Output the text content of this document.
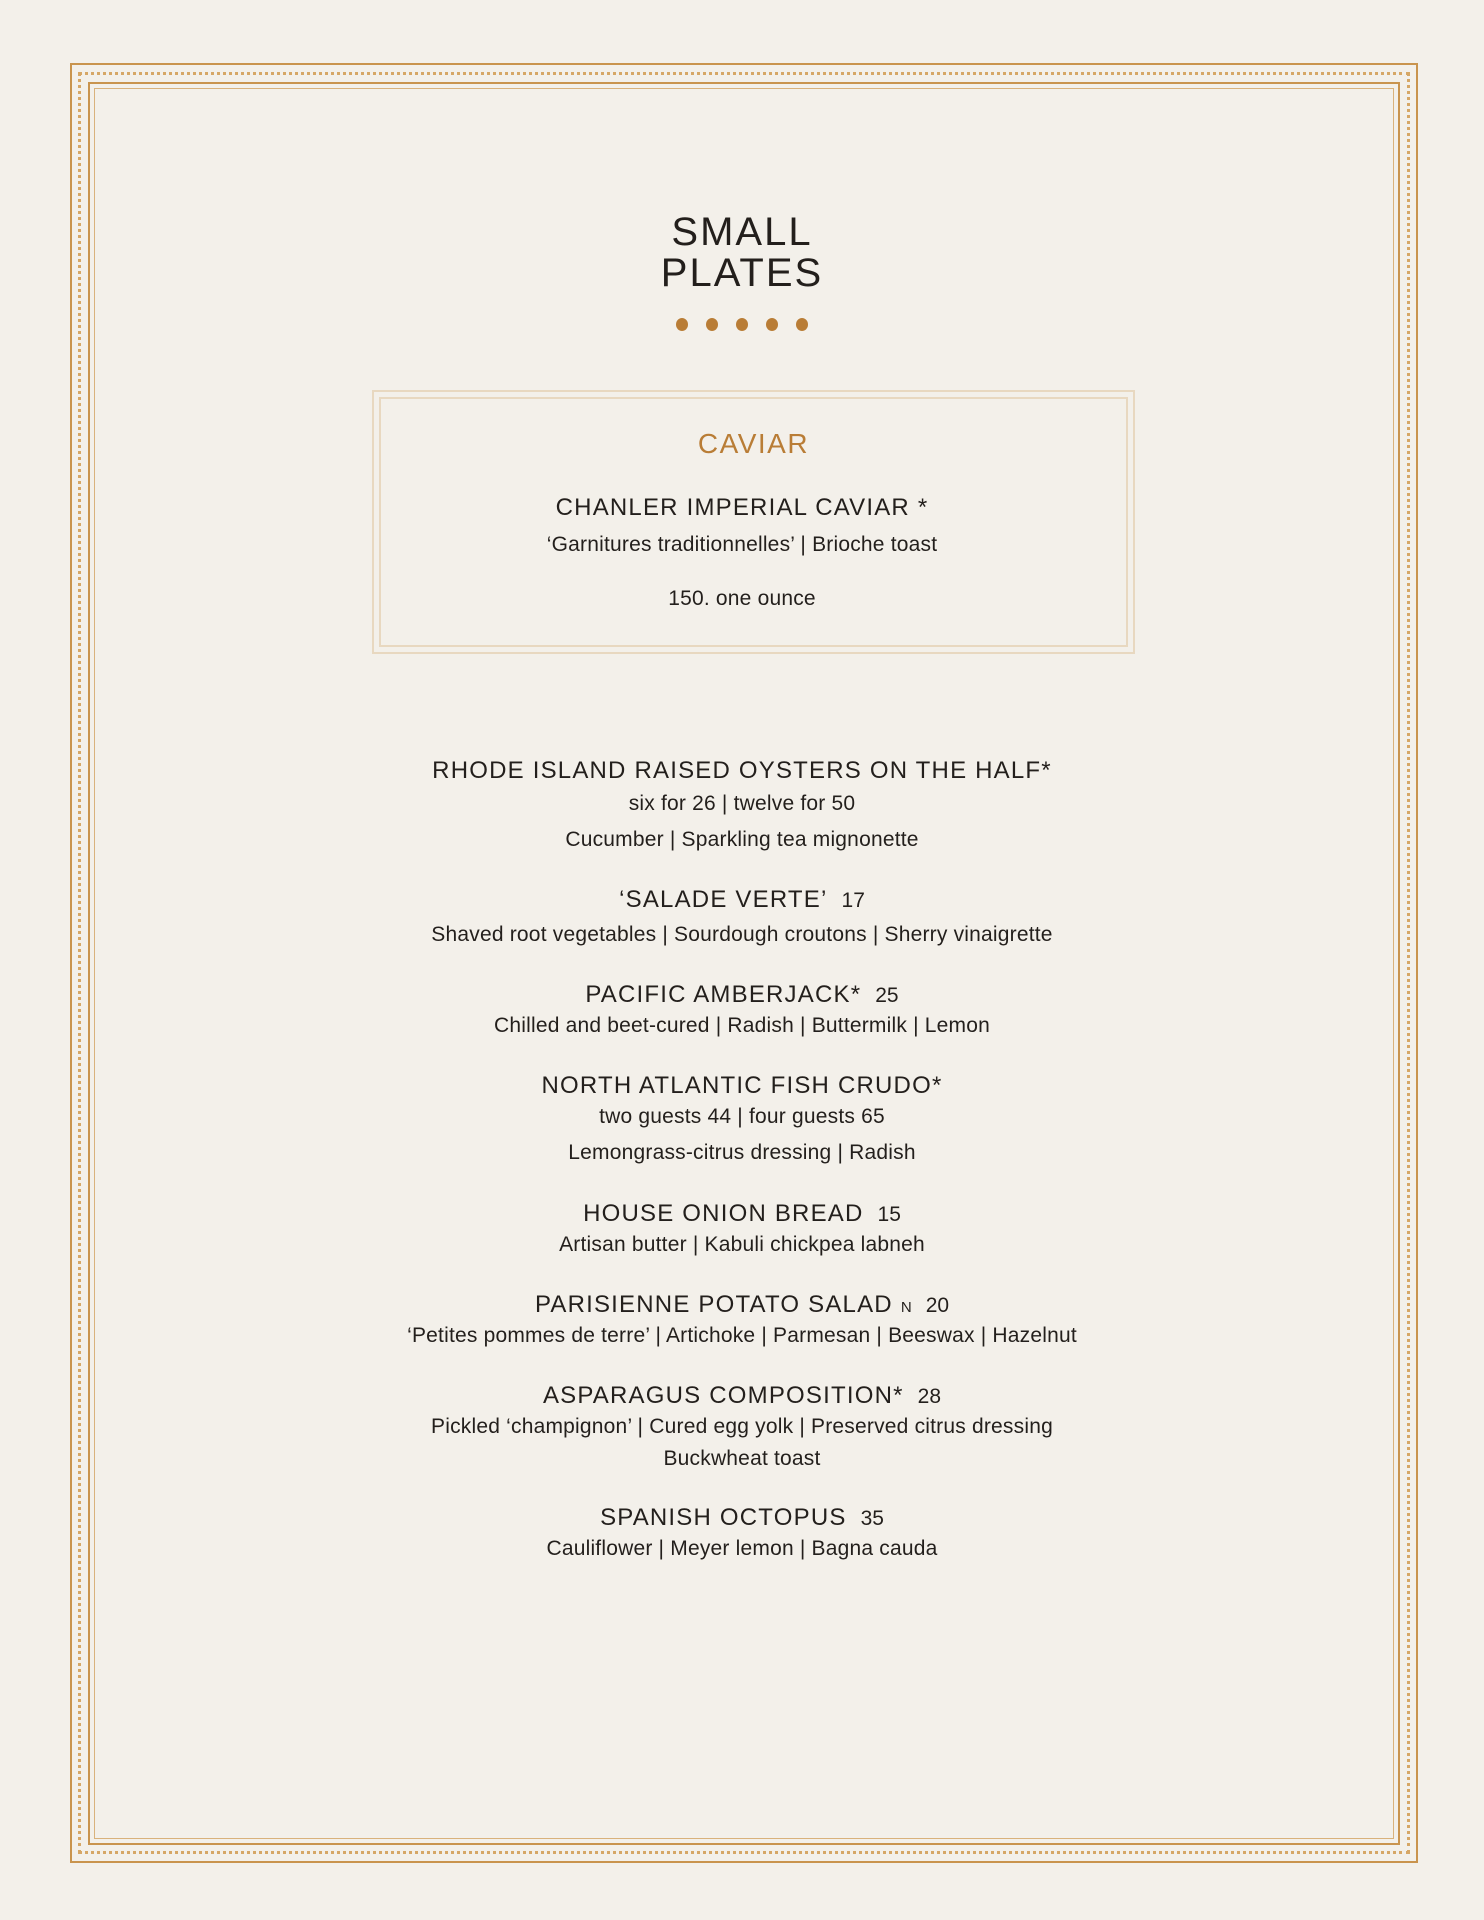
SMALL
PLATES
CAVIAR

CHANLER IMPERIAL CAVIAR *

‘Garnitures traditionnelles’ | Brioche toast

150. one ounce

RHODE ISLAND RAISED OYSTERS ON THE HALF*

six for 26 | twelve for 50

Cucumber | Sparkling tea mignonette

‘SALADE VERTE’ 17

Shaved root vegetables | Sourdough croutons | Sherry vinaigrette

PACIFIC AMBERJACK* 25

Chilled and beet-cured | Radish | Buttermilk | Lemon

NORTH ATLANTIC FISH CRUDO*

two guests 44 | four guests 65

Lemongrass-citrus dressing | Radish

HOUSE ONION BREAD 15

Artisan butter | Kabuli chickpea labneh

PARISIENNE POTATO SALAD N 20

‘Petites pommes de terre’ | Artichoke | Parmesan | Beeswax | Hazelnut

ASPARAGUS COMPOSITION* 28

Pickled ‘champignon’ | Cured egg yolk | Preserved citrus dressing

Buckwheat toast

SPANISH OCTOPUS 35

Cauliflower | Meyer lemon | Bagna cauda
